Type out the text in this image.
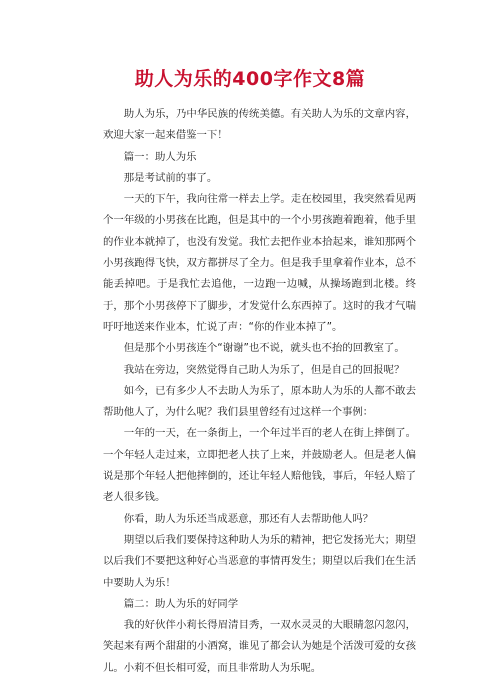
助人为乐的400字作文8篇

助人为乐，乃中华民族的传统美德。有关助人为乐的文章内容，欢迎大家一起来借鉴一下！

篇一：助人为乐

那是考试前的事了。

一天的下午，我向往常一样去上学。走在校园里，我突然看见两个一年级的小男孩在比跑，但是其中的一个小男孩跑着跑着，他手里的作业本就掉了，也没有发觉。我忙去把作业本拾起来，谁知那两个小男孩跑得飞快，双方都拼尽了全力。但是我手里拿着作业本，总不能丢掉吧。于是我忙去追他，一边跑一边喊，从操场跑到北楼。终于，那个小男孩停下了脚步，才发觉什么东西掉了。这时的我才气喘吁吁地送来作业本，忙说了声：“你的作业本掉了”。

但是那个小男孩连个“谢谢”也不说，就头也不抬的回教室了。

我站在旁边，突然觉得自己助人为乐了，但是自己的回报呢？

如今，已有多少人不去助人为乐了，原本助人为乐的人都不敢去帮助他人了，为什么呢？我们县里曾经有过这样一个事例：

一年的一天，在一条街上，一个年过半百的老人在街上摔倒了。一个年轻人走过来，立即把老人扶了上来，并鼓励老人。但是老人偏说是那个年轻人把他摔倒的，还让年轻人赔他钱，事后，年轻人赔了老人很多钱。

你看，助人为乐还当成恶意，那还有人去帮助他人吗？

期望以后我们要保持这种助人为乐的精神，把它发扬光大；期望以后我们不要把这种好心当恶意的事情再发生；期望以后我们在生活中要助人为乐！

篇二：助人为乐的好同学

我的好伙伴小莉长得眉清目秀，一双水灵灵的大眼睛忽闪忽闪，笑起来有两个甜甜的小酒窝，谁见了都会认为她是个活泼可爱的女孩儿。小莉不但长相可爱，而且非常助人为乐呢。
